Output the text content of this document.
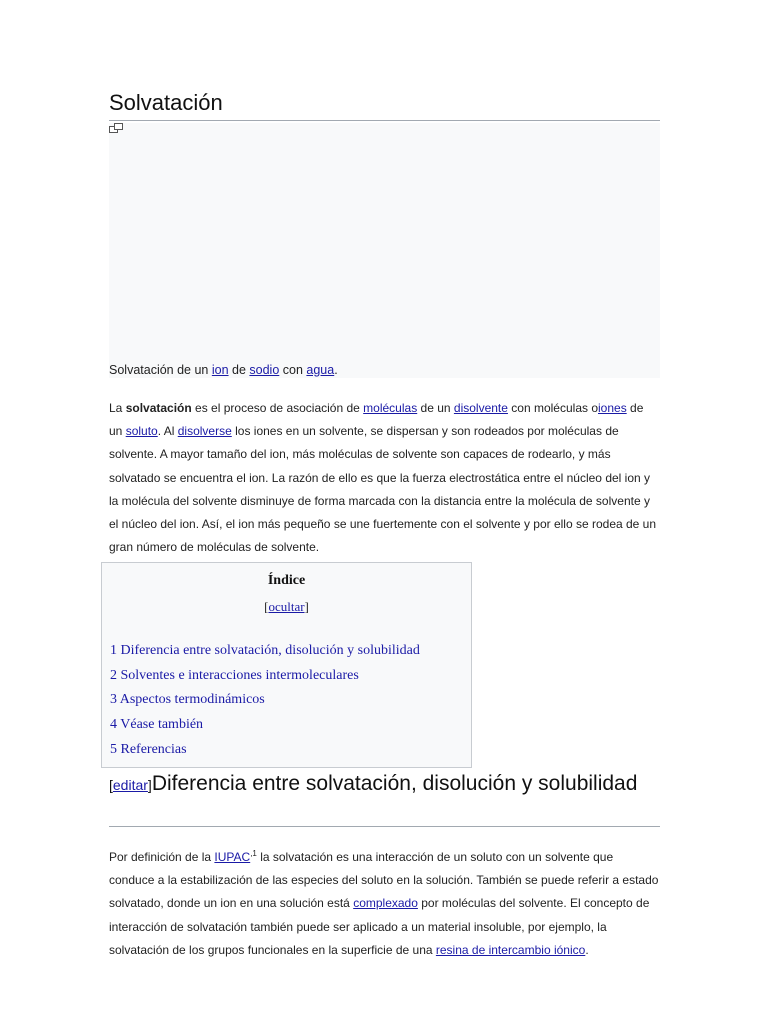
Solvatación
Solvatación de un ion de sodio con agua.

La solvatación es el proceso de asociación de moléculas de un disolvente con moléculas oiones de un soluto. Al disolverse los iones en un solvente, se dispersan y son rodeados por moléculas de solvente. A mayor tamaño del ion, más moléculas de solvente son capaces de rodearlo, y más solvatado se encuentra el ion. La razón de ello es que la fuerza electrostática entre el núcleo del ion y la molécula del solvente disminuye de forma marcada con la distancia entre la molécula de solvente y el núcleo del ion. Así, el ion más pequeño se une fuertemente con el solvente y por ello se rodea de un gran número de moléculas de solvente.

Índice
[ocultar]
1 Diferencia entre solvatación, disolución y solubilidad
2 Solventes e interacciones intermoleculares
3 Aspectos termodinámicos
4 Véase también
5 Referencias
[editar]Diferencia entre solvatación, disolución y solubilidad

Por definición de la $IUPAC^{,1}$ la solvatación es una interacción de un soluto con un solvente que conduce a la estabilización de las especies del soluto en la solución. También se puede referir a estado solvatado, donde un ion en una solución está complexado por moléculas del solvente. El concepto de interacción de solvatación también puede ser aplicado a un material insoluble, por ejemplo, la solvatación de los grupos funcionales en la superficie de una resina de intercambio iónico.
